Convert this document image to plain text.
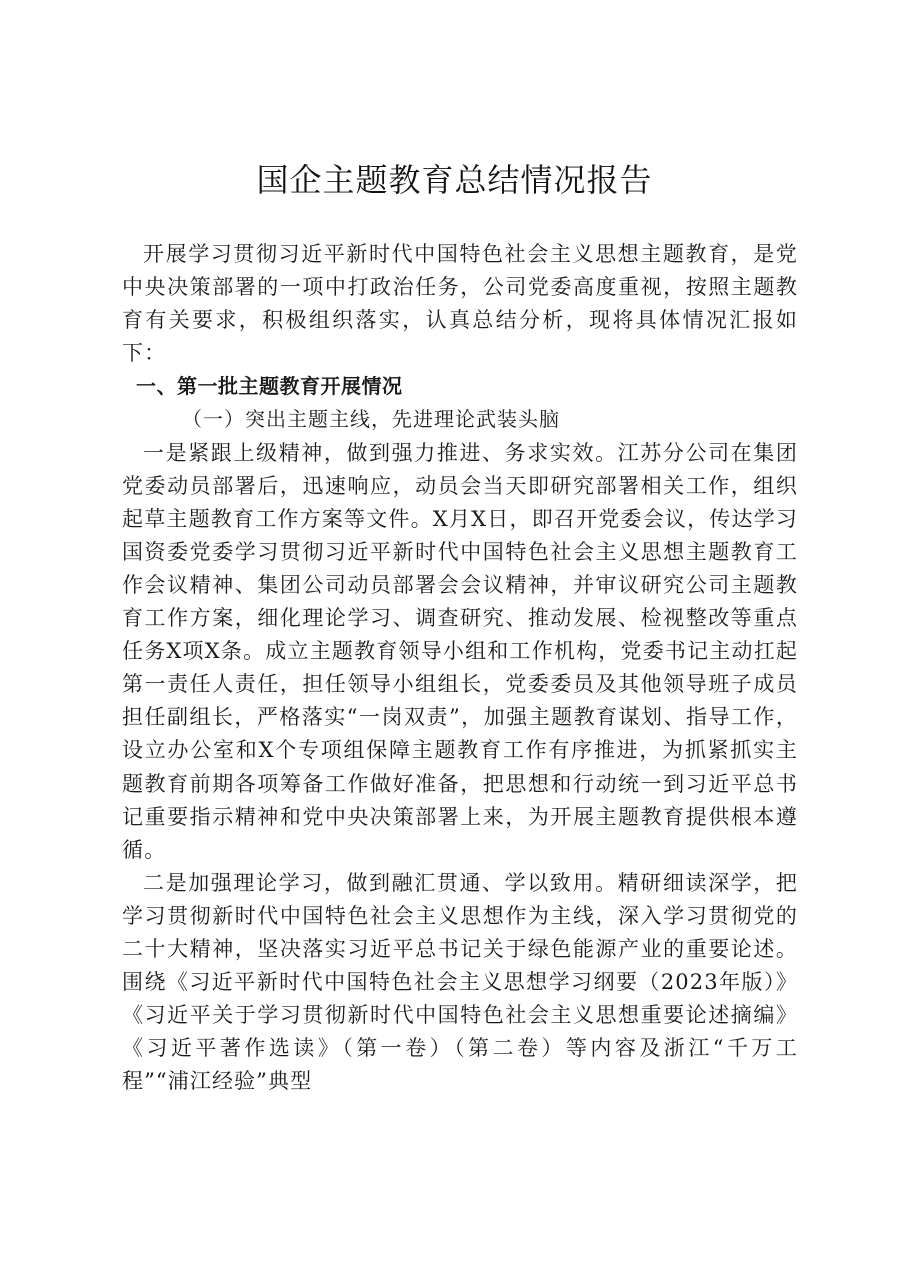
国企主题教育总结情况报告

开展学习贯彻习近平新时代中国特色社会主义思想主题教育，是党中央决策部署的一项中打政治任务，公司党委高度重视，按照主题教育有关要求，积极组织落实，认真总结分析，现将具体情况汇报如下：

一、第一批主题教育开展情况

（一）突出主题主线，先进理论武装头脑

一是紧跟上级精神，做到强力推进、务求实效。江苏分公司在集团党委动员部署后，迅速响应，动员会当天即研究部署相关工作，组织起草主题教育工作方案等文件。X月X日，即召开党委会议，传达学习国资委党委学习贯彻习近平新时代中国特色社会主义思想主题教育工作会议精神、集团公司动员部署会会议精神，并审议研究公司主题教育工作方案，细化理论学习、调查研究、推动发展、检视整改等重点任务X项X条。成立主题教育领导小组和工作机构，党委书记主动扛起第一责任人责任，担任领导小组组长，党委委员及其他领导班子成员担任副组长，严格落实“一岗双责”，加强主题教育谋划、指导工作，设立办公室和X个专项组保障主题教育工作有序推进，为抓紧抓实主题教育前期各项筹备工作做好准备，把思想和行动统一到习近平总书记重要指示精神和党中央决策部署上来，为开展主题教育提供根本遵循。

二是加强理论学习，做到融汇贯通、学以致用。精研细读深学，把学习贯彻新时代中国特色社会主义思想作为主线，深入学习贯彻党的二十大精神，坚决落实习近平总书记关于绿色能源产业的重要论述。围绕《习近平新时代中国特色社会主义思想学习纲要（2023年版）》《习近平关于学习贯彻新时代中国特色社会主义思想重要论述摘编》《习近平著作选读》（第一卷）（第二卷）等内容及浙江“千万工程”“浦江经验”典型
